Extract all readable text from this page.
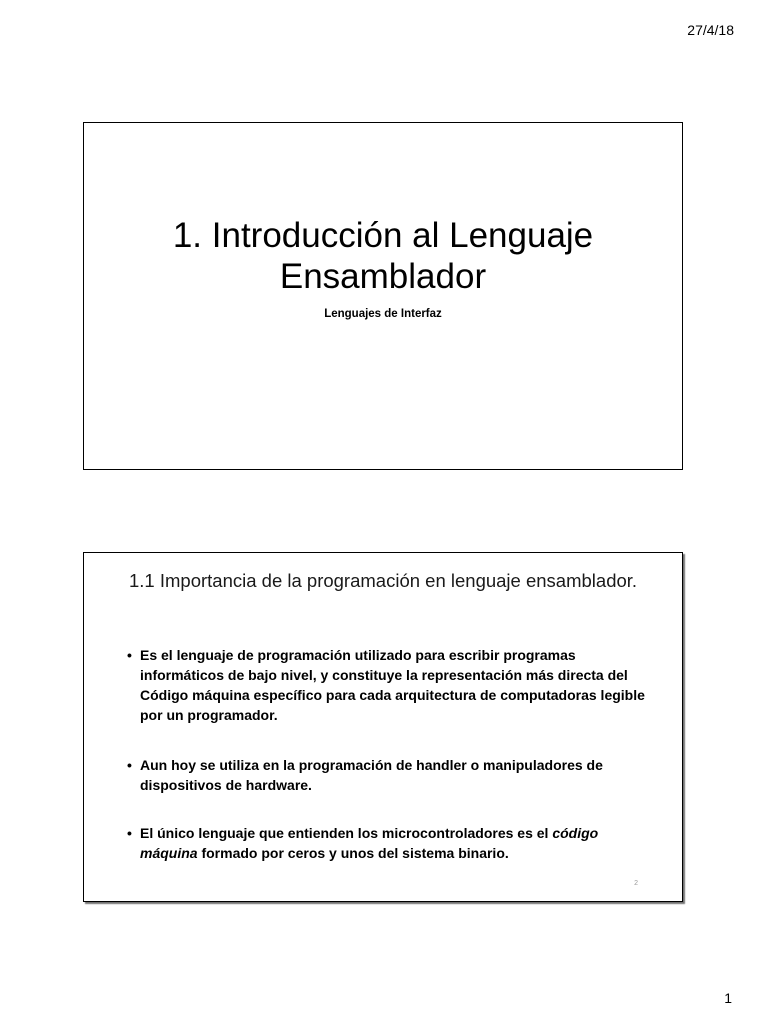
27/4/18
1. Introducción al Lenguaje
Ensamblador
Lenguajes de Interfaz
1.1 Importancia de la programación en lenguaje ensamblador.
• Es el lenguaje de programación utilizado para escribir programas informáticos de bajo nivel, y constituye la representación más directa del Código máquina específico para cada arquitectura de computadoras legible por un programador.
• Aun hoy se utiliza en la programación de handler o manipuladores de dispositivos de hardware.
• El único lenguaje que entienden los microcontroladores es el código máquina formado por ceros y unos del sistema binario.
2
1
